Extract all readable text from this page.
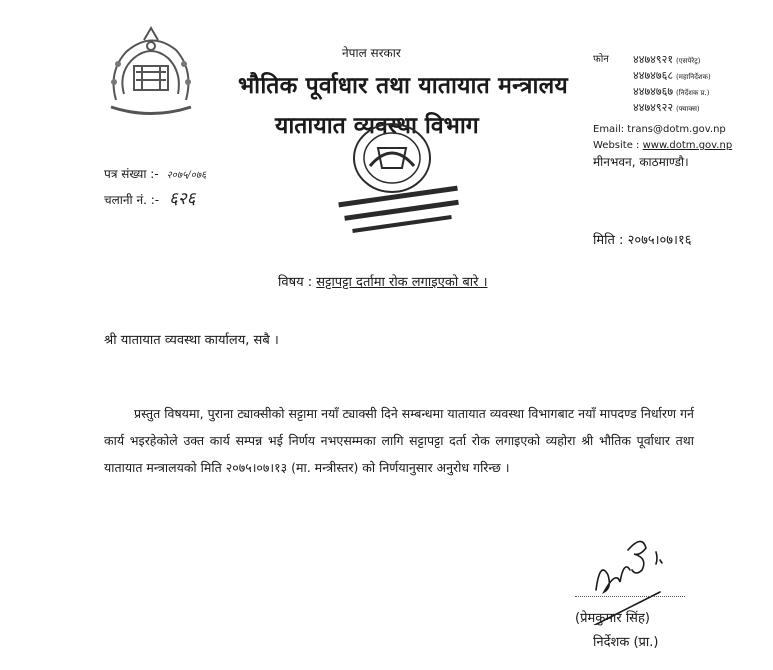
नेपाल सरकार
भौतिक पूर्वाधार तथा यातायात मन्त्रालय
यातायात व्यवस्था विभाग
फोन ४४७४९२१ (एसपेरेट्र)
४४७४७६८ (महानिर्देशक)
४४७४७६७ (निर्देशक प्र.)
४४७४९२२ (फ्याक्स)
Email: trans@dotm.gov.np
Website : www.dotm.gov.np
मीनभवन, काठमाण्डौ।
पत्र संख्या :- २०७५/०७६
चलानी नं. :- ६२६
मिति : २०७५।०७।१६
विषय : सट्टापट्टा दर्तामा रोक लगाइएको बारे ।
श्री यातायात व्यवस्था कार्यालय, सबै ।
प्रस्तुत विषयमा, पुराना ट्याक्सीको सट्टामा नयाँ ट्याक्सी दिने सम्बन्धमा यातायात व्यवस्था विभागबाट नयाँ मापदण्ड निर्धारण गर्न कार्य भइरहेकोले उक्त कार्य सम्पन्न भई निर्णय नभएसम्मका लागि सट्टापट्टा दर्ता रोक लगाइएको व्यहोरा श्री भौतिक पूर्वाधार तथा यातायात मन्त्रालयको मिति २०७५।०७।१३ (मा. मन्त्रीस्तर) को निर्णयानुसार अनुरोध गरिन्छ ।
(प्रेमकुमार सिंह)
निर्देशक (प्रा.)
